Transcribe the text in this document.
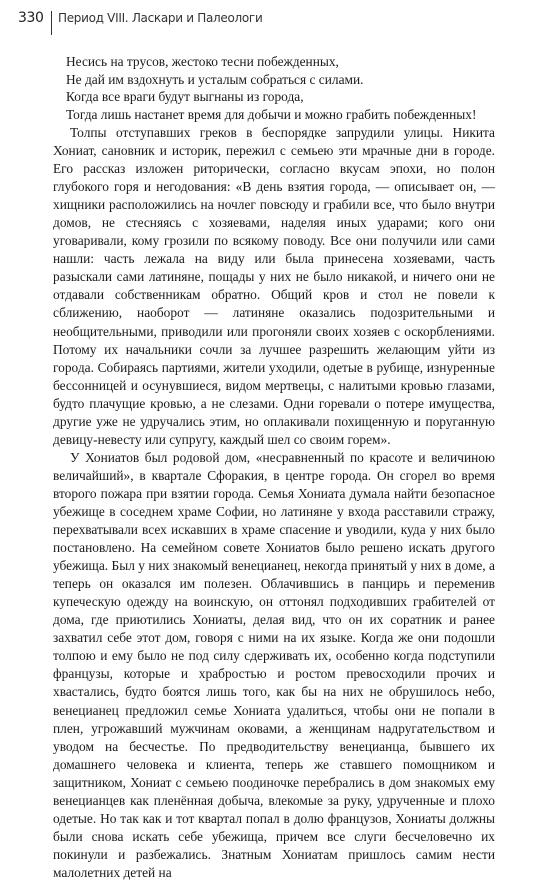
330 Период VIII. Ласкари и Палеологи
Несись на трусов, жестоко тесни побежденных,
Не дай им вздохнуть и усталым собраться с силами.
Когда все враги будут выгнаны из города,
Тогда лишь настанет время для добычи и можно грабить побежденных!

Толпы отступавших греков в беспорядке запрудили улицы. Никита Хониат, сановник и историк, пережил с семьею эти мрачные дни в городе. Его рассказ изложен риторически, согласно вкусам эпохи, но полон глубокого горя и негодования: «В день взятия города, — описывает он, — хищники расположились на ночлег повсюду и грабили все, что было внутри домов, не стесняясь с хозяевами, наделяя иных ударами; кого они уговаривали, кому грозили по всякому поводу. Все они получили или сами нашли: часть лежала на виду или была принесена хозяевами, часть разыскали сами латиняне, пощады у них не было никакой, и ничего они не отдавали собственникам обратно. Общий кров и стол не повели к сближению, наоборот — латиняне оказались подозрительными и необщительными, приводили или прогоняли своих хозяев с оскорблениями. Потому их начальники сочли за лучшее разрешить желающим уйти из города. Собираясь партиями, жители уходили, одетые в рубище, изнуренные бессонницей и осунувшиеся, видом мертвецы, с налитыми кровью глазами, будто плачущие кровью, а не слезами. Одни горевали о потере имущества, другие уже не удручались этим, но оплакивали похищенную и поруганную девицу-невесту или супругу, каждый шел со своим горем».

У Хониатов был родовой дом, «несравненный по красоте и величиною величайший», в квартале Сфоракия, в центре города. Он сгорел во время второго пожара при взятии города. Семья Хониата думала найти безопасное убежище в соседнем храме Софии, но латиняне у входа расставили стражу, перехватывали всех искавших в храме спасение и уводили, куда у них было постановлено. На семейном совете Хониатов было решено искать другого убежища. Был у них знакомый венецианец, некогда принятый у них в доме, а теперь он оказался им полезен. Облачившись в панцирь и переменив купеческую одежду на воинскую, он оттонял подходивших грабителей от дома, где приютились Хониаты, делая вид, что он их соратник и ранее захватил себе этот дом, говоря с ними на их языке. Когда же они подошли толпою и ему было не под силу сдерживать их, особенно когда подступили французы, которые и храбростью и ростом превосходили прочих и хвастались, будто боятся лишь того, как бы на них не обрушилось небо, венецианец предложил семье Хониата удалиться, чтобы они не попали в плен, угрожавший мужчинам оковами, а женщинам надругательством и уводом на бесчестье. По предводительству венецианца, бывшего их домашнего человека и клиента, теперь же ставшего помощником и защитником, Хониат с семьею поодиночке перебрались в дом знакомых ему венецианцев как пленённая добыча, влекомые за руку, удрученные и плохо одетые. Но так как и тот квартал попал в долю французов, Хониаты должны были снова искать себе убежища, причем все слуги бесчеловечно их покинули и разбежались. Знатным Хониатам пришлось самим нести малолетних детей на
